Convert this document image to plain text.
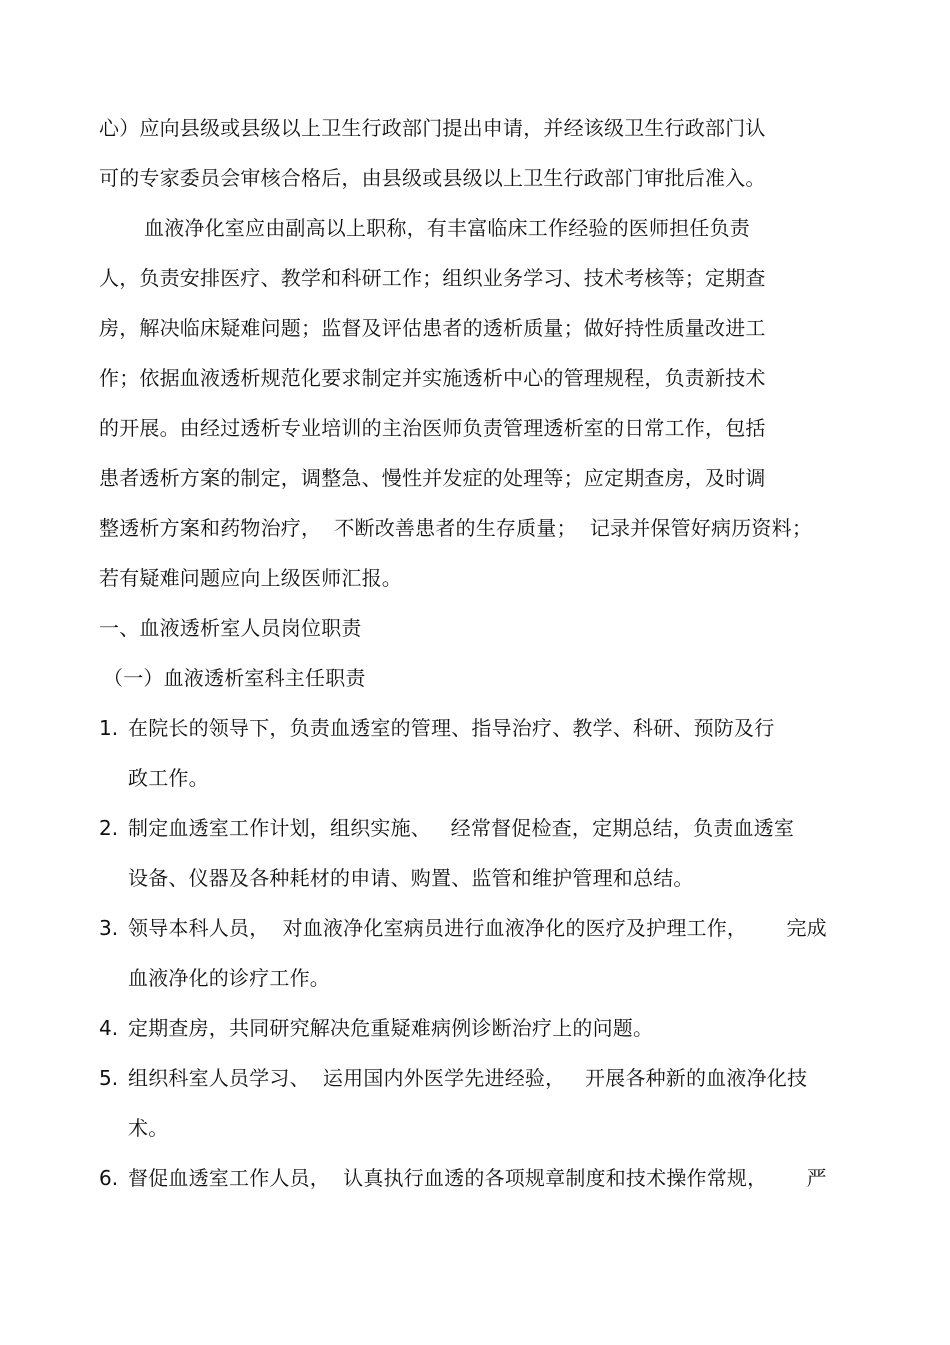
心）应向县级或县级以上卫生行政部门提出申请，并经该级卫生行政部门认
可的专家委员会审核合格后，由县级或县级以上卫生行政部门审批后准入。
血液净化室应由副高以上职称，有丰富临床工作经验的医师担任负责
人，负责安排医疗、教学和科研工作；组织业务学习、技术考核等；定期查
房，解决临床疑难问题；监督及评估患者的透析质量；做好持性质量改进工
作；依据血液透析规范化要求制定并实施透析中心的管理规程，负责新技术
的开展。由经过透析专业培训的主治医师负责管理透析室的日常工作，包括
患者透析方案的制定，调整急、慢性并发症的处理等；应定期查房，及时调
整透析方案和药物治疗，  不断改善患者的生存质量；  记录并保管好病历资料；
若有疑难问题应向上级医师汇报。
一、血液透析室人员岗位职责
（一）血液透析室科主任职责
1. 在院长的领导下，负责血透室的管理、指导治疗、教学、科研、预防及行
政工作。
2. 制定血透室工作计划，组织实施、   经常督促检查，定期总结，负责血透室
设备、仪器及各种耗材的申请、购置、监管和维护管理和总结。
3. 领导本科人员，  对血液净化室病员进行血液净化的医疗及护理工作，      完成
血液净化的诊疗工作。
4. 定期查房，共同研究解决危重疑难病例诊断治疗上的问题。
5. 组织科室人员学习、  运用国内外医学先进经验，   开展各种新的血液净化技
术。
6. 督促血透室工作人员，  认真执行血透的各项规章制度和技术操作常规，      严
